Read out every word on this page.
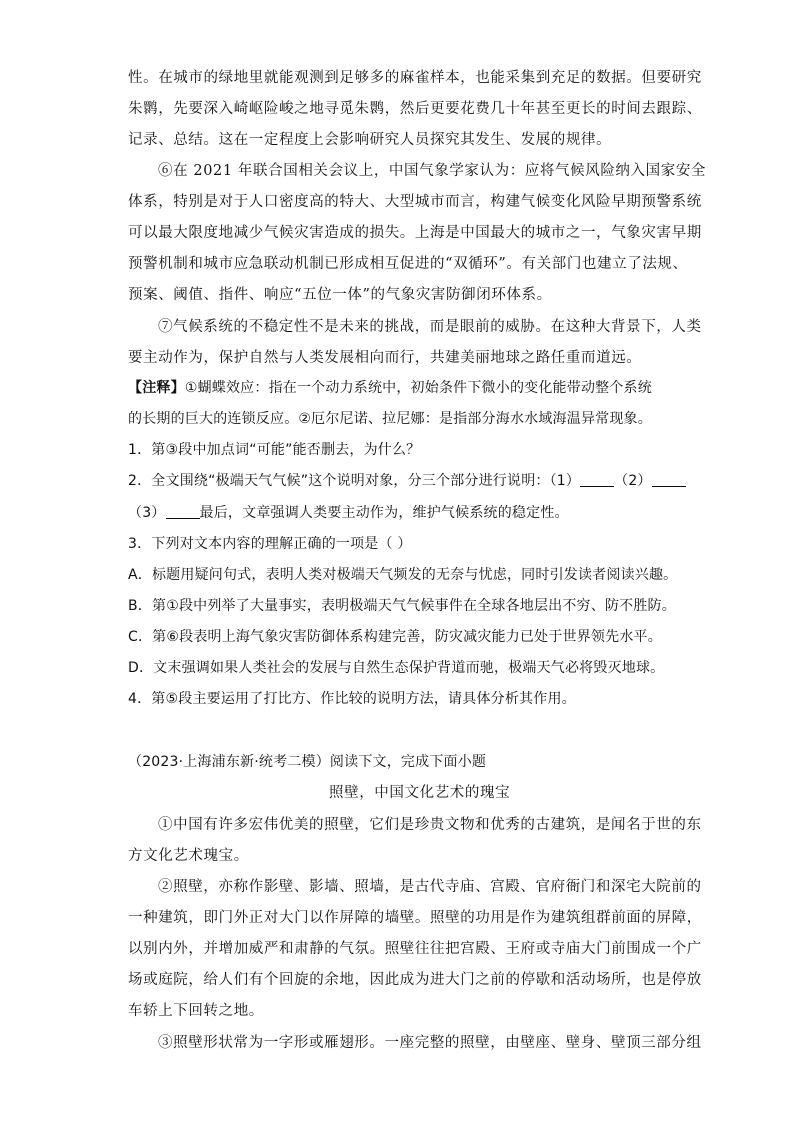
性。在城市的绿地里就能观测到足够多的麻雀样本，也能采集到充足的数据。但要研究
朱鹮，先要深入崎岖险峻之地寻觅朱鹮，然后更要花费几十年甚至更长的时间去跟踪、
记录、总结。这在一定程度上会影响研究人员探究其发生、发展的规律。
⑥在 2021 年联合国相关会议上，中国气象学家认为：应将气候风险纳入国家安全
体系，特别是对于人口密度高的特大、大型城市而言，构建气候变化风险早期预警系统
可以最大限度地减少气候灾害造成的损失。上海是中国最大的城市之一，气象灾害早期
预警机制和城市应急联动机制已形成相互促进的“双循环”。有关部门也建立了法规、
预案、阈值、指件、响应“五位一体”的气象灾害防御闭环体系。
⑦气候系统的不稳定性不是未来的挑战，而是眼前的威胁。在这种大背景下，人类
要主动作为，保护自然与人类发展相向而行，共建美丽地球之路任重而道远。
【注释】①蝴蝶效应：指在一个动力系统中，初始条件下微小的变化能带动整个系统
的长期的巨大的连锁反应。②厄尔尼诺、拉尼娜：是指部分海水水域海温异常现象。
1．第③段中加点词“可能”能否删去，为什么？
2．全文围绕“极端天气气候”这个说明对象，分三个部分进行说明：（1） （2）
（3） 最后，文章强调人类要主动作为，维护气候系统的稳定性。
3．下列对文本内容的理解正确的一项是（ ）
A．标题用疑问句式，表明人类对极端天气频发的无奈与忧虑，同时引发读者阅读兴趣。
B．第①段中列举了大量事实，表明极端天气气候事件在全球各地层出不穷、防不胜防。
C．第⑥段表明上海气象灾害防御体系构建完善，防灾减灾能力已处于世界领先水平。
D．文末强调如果人类社会的发展与自然生态保护背道而驰，极端天气必将毁灭地球。
4．第⑤段主要运用了打比方、作比较的说明方法，请具体分析其作用。
（2023·上海浦东新·统考二模）阅读下文，完成下面小题
照壁，中国文化艺术的瑰宝
①中国有许多宏伟优美的照壁，它们是珍贵文物和优秀的古建筑，是闻名于世的东
方文化艺术瑰宝。
②照壁，亦称作影壁、影墙、照墙，是古代寺庙、宫殿、官府衙门和深宅大院前的
一种建筑，即门外正对大门以作屏障的墙壁。照壁的功用是作为建筑组群前面的屏障，
以别内外，并增加威严和肃静的气氛。照壁往往把宫殿、王府或寺庙大门前围成一个广
场或庭院，给人们有个回旋的余地，因此成为进大门之前的停歇和活动场所，也是停放
车轿上下回转之地。
③照壁形状常为一字形或雁翅形。一座完整的照壁，由壁座、壁身、壁顶三部分组
